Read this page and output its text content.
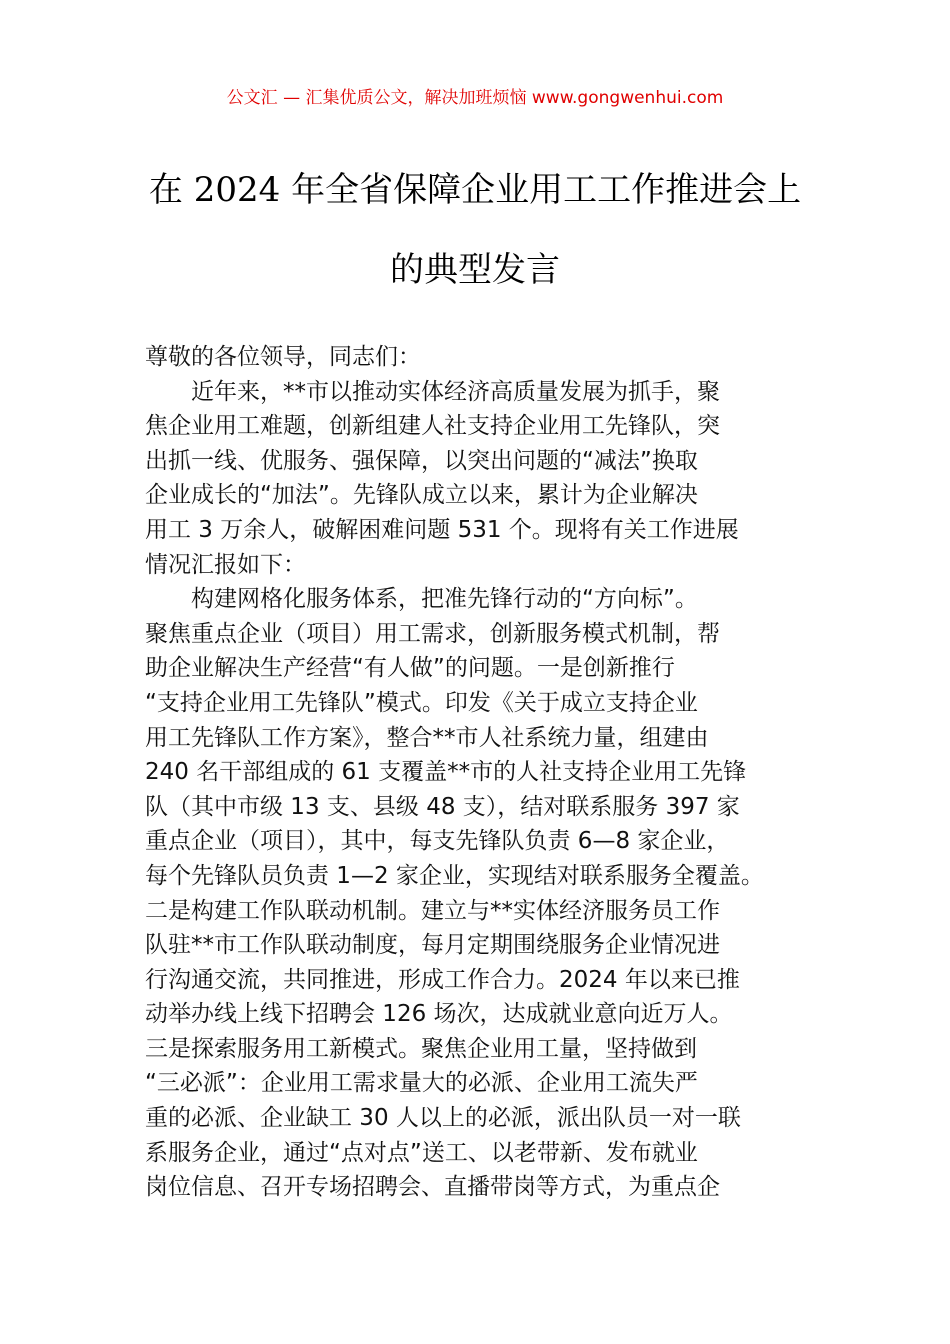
公文汇 — 汇集优质公文，解决加班烦恼 www.gongwenhui.com
在 2024 年全省保障企业用工工作推进会上
的典型发言
尊敬的各位领导，同志们：
　　近年来，**市以推动实体经济高质量发展为抓手，聚
焦企业用工难题，创新组建人社支持企业用工先锋队，突
出抓一线、优服务、强保障，以突出问题的“减法”换取
企业成长的“加法”。先锋队成立以来，累计为企业解决
用工 3 万余人，破解困难问题 531 个。现将有关工作进展
情况汇报如下：
　　构建网格化服务体系，把准先锋行动的“方向标”。
聚焦重点企业（项目）用工需求，创新服务模式机制，帮
助企业解决生产经营“有人做”的问题。一是创新推行
“支持企业用工先锋队”模式。印发《关于成立支持企业
用工先锋队工作方案》，整合**市人社系统力量，组建由
240 名干部组成的 61 支覆盖**市的人社支持企业用工先锋
队（其中市级 13 支、县级 48 支），结对联系服务 397 家
重点企业（项目），其中，每支先锋队负责 6—8 家企业，
每个先锋队员负责 1—2 家企业，实现结对联系服务全覆盖。
二是构建工作队联动机制。建立与**实体经济服务员工作
队驻**市工作队联动制度，每月定期围绕服务企业情况进
行沟通交流，共同推进，形成工作合力。2024 年以来已推
动举办线上线下招聘会 126 场次，达成就业意向近万人。
三是探索服务用工新模式。聚焦企业用工量，坚持做到
“三必派”：企业用工需求量大的必派、企业用工流失严
重的必派、企业缺工 30 人以上的必派，派出队员一对一联
系服务企业，通过“点对点”送工、以老带新、发布就业
岗位信息、召开专场招聘会、直播带岗等方式，为重点企
